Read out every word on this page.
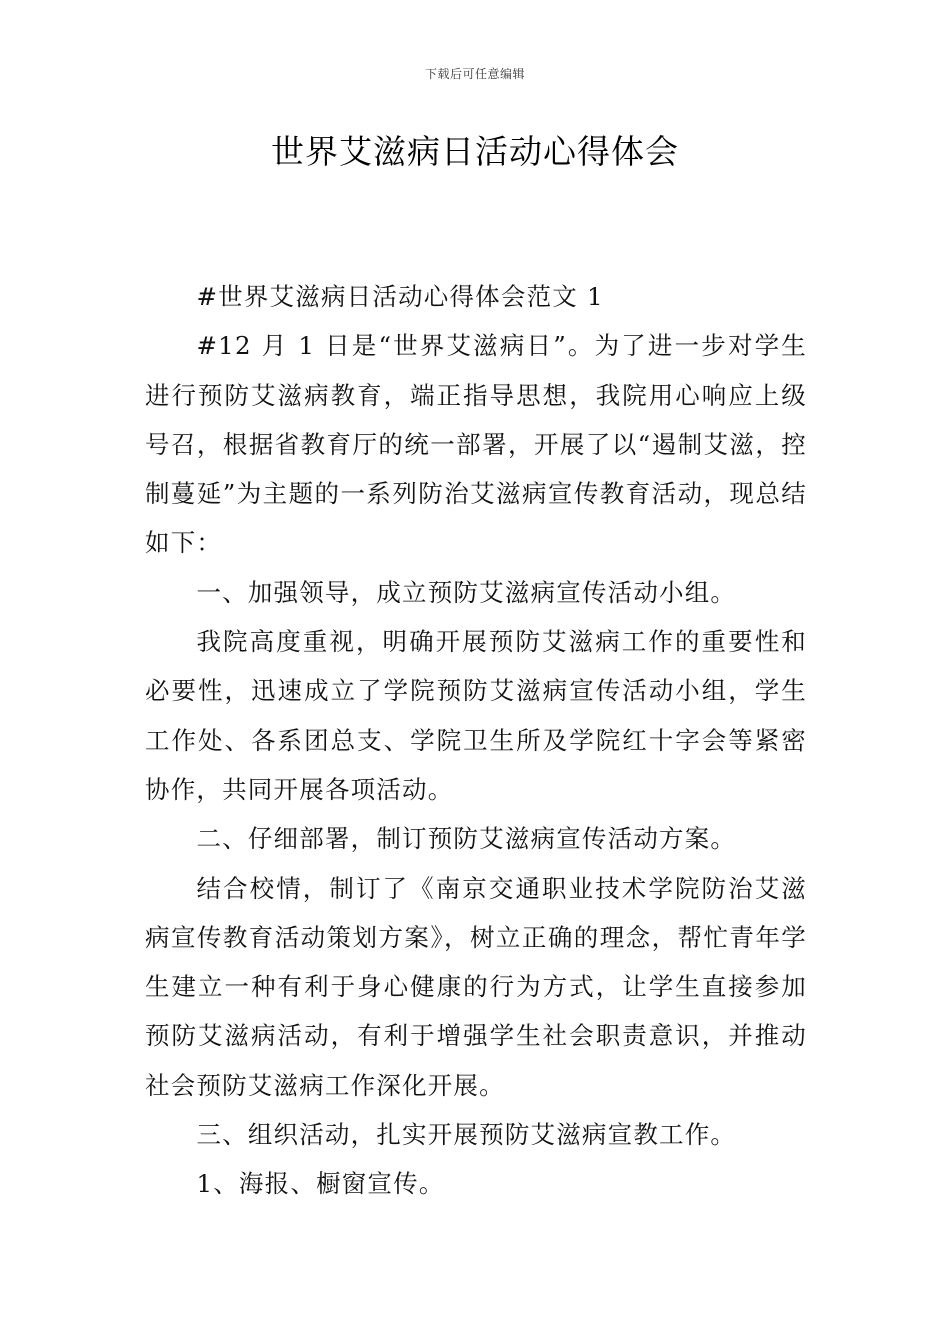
下载后可任意编辑
世界艾滋病日活动心得体会

#世界艾滋病日活动心得体会范文 1

#12 月 1 日是“世界艾滋病日”。为了进一步对学生进行预防艾滋病教育，端正指导思想，我院用心响应上级号召，根据省教育厅的统一部署，开展了以“遏制艾滋，控制蔓延”为主题的一系列防治艾滋病宣传教育活动，现总结如下：

一、加强领导，成立预防艾滋病宣传活动小组。

我院高度重视，明确开展预防艾滋病工作的重要性和必要性，迅速成立了学院预防艾滋病宣传活动小组，学生工作处、各系团总支、学院卫生所及学院红十字会等紧密协作，共同开展各项活动。

二、仔细部署，制订预防艾滋病宣传活动方案。

结合校情，制订了《南京交通职业技术学院防治艾滋病宣传教育活动策划方案》，树立正确的理念，帮忙青年学生建立一种有利于身心健康的行为方式，让学生直接参加预防艾滋病活动，有利于增强学生社会职责意识，并推动社会预防艾滋病工作深化开展。

三、组织活动，扎实开展预防艾滋病宣教工作。

1、海报、橱窗宣传。
